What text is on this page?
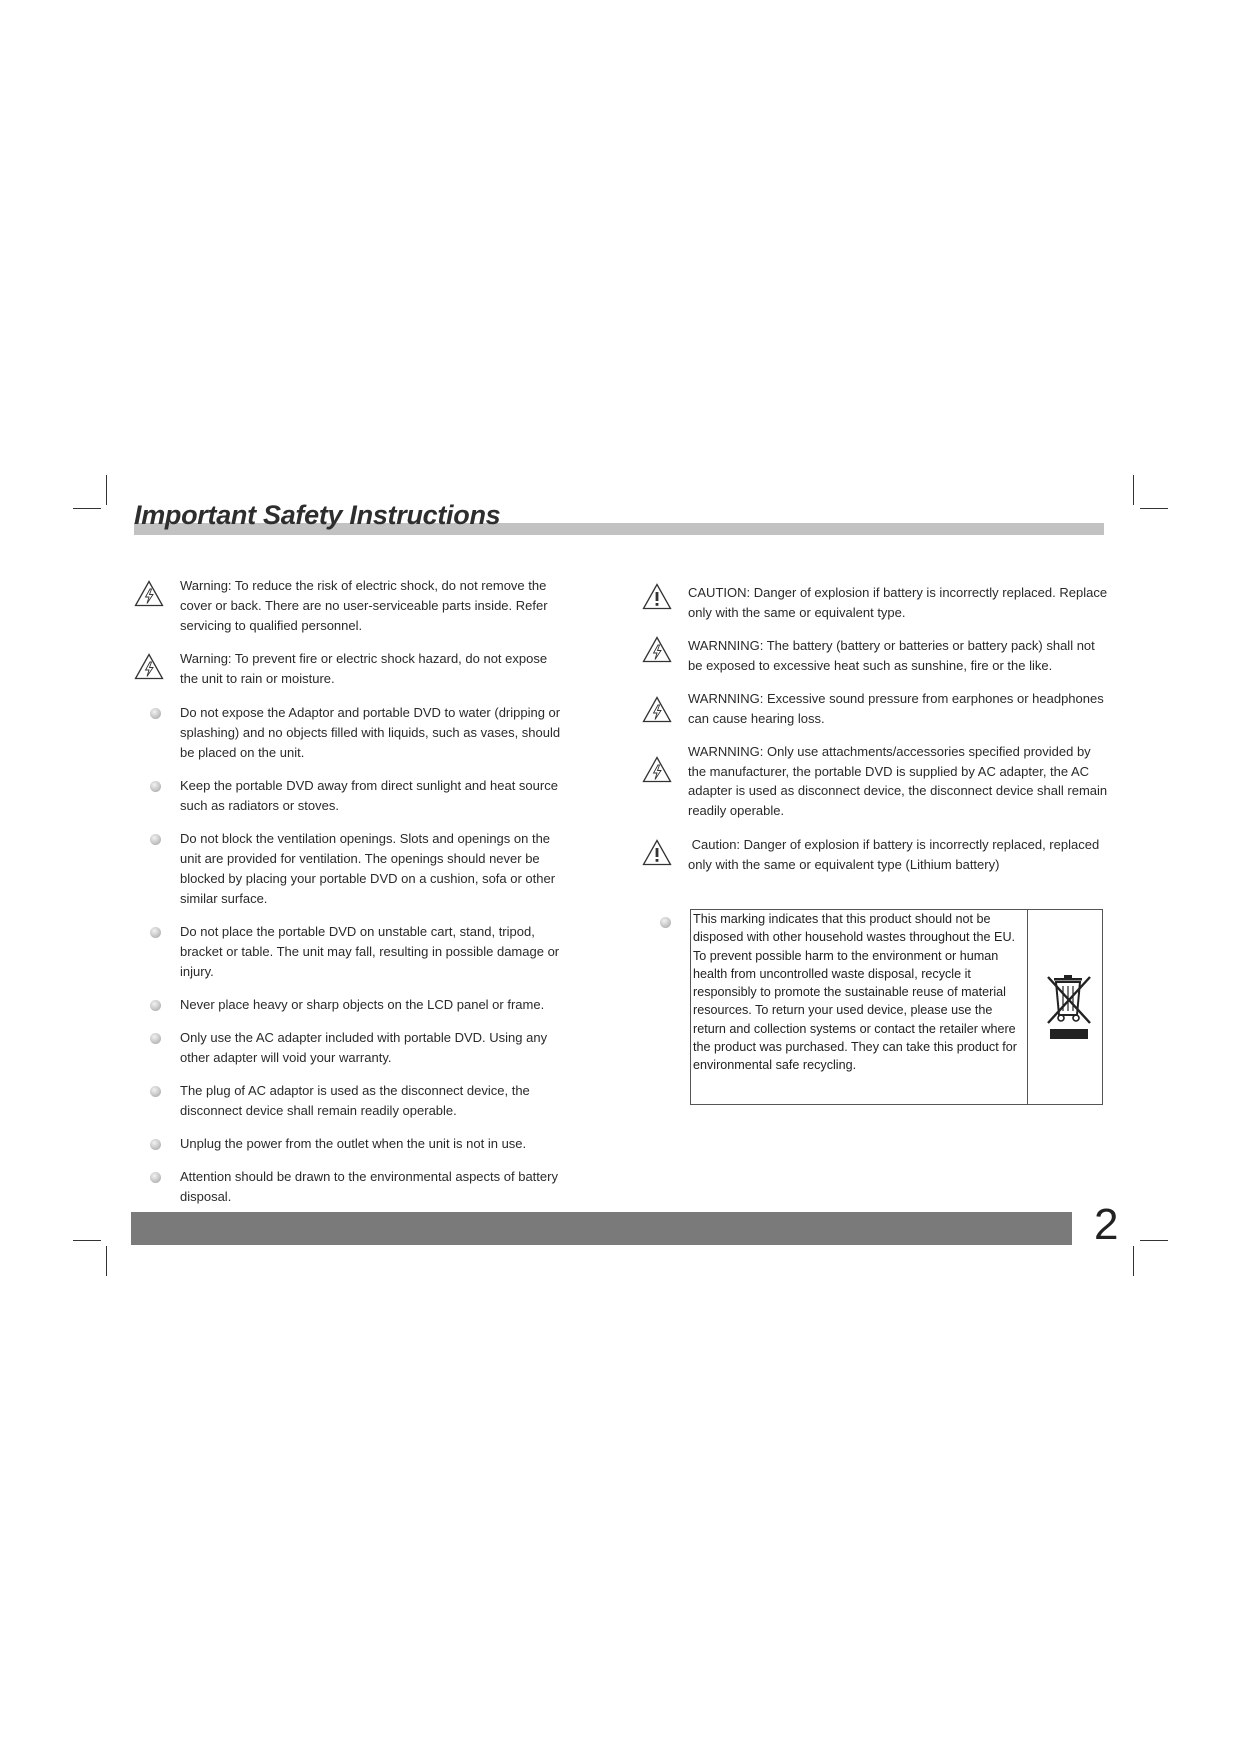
Important Safety Instructions
Warning: To reduce the risk of electric shock, do not remove the cover or back. There are no user-serviceable parts inside. Refer servicing to qualified personnel.
Warning: To prevent fire or electric shock hazard, do not expose the unit to rain or moisture.
Do not expose the Adaptor and portable DVD to water (dripping or splashing) and no objects filled with liquids, such as vases, should be placed on the unit.
Keep the portable DVD away from direct sunlight and heat source such as radiators or stoves.
Do not block the ventilation openings. Slots and openings on the unit are provided for ventilation. The openings should never be blocked by placing your portable DVD on a cushion, sofa or other similar surface.
Do not place the portable DVD on unstable cart, stand, tripod, bracket or table. The unit may fall, resulting in possible damage or injury.
Never place heavy or sharp objects on the LCD panel or frame.
Only use the AC adapter included with portable DVD. Using any other adapter will void your warranty.
The plug of AC adaptor is used as the disconnect device, the disconnect device shall remain readily operable.
Unplug the power from the outlet when the unit is not in use.
Attention should be drawn to the environmental aspects of battery disposal.
CAUTION: Danger of explosion if battery is incorrectly replaced. Replace only with the same or equivalent type.
WARNNING: The battery (battery or batteries or battery pack) shall not be exposed to excessive heat such as sunshine, fire or the like.
WARNNING: Excessive sound pressure from earphones or headphones can cause hearing loss.
WARNNING: Only use attachments/accessories specified provided by the manufacturer, the portable DVD is supplied by AC adapter, the AC adapter is used as disconnect device, the disconnect device shall remain readily operable.
Caution: Danger of explosion if battery is incorrectly replaced, replaced only with the same or equivalent type (Lithium battery)
This marking indicates that this product should not be disposed with other household wastes throughout the EU. To prevent possible harm to the environment or human health from uncontrolled waste disposal, recycle it responsibly to promote the sustainable reuse of material resources. To return your used device, please use the return and collection systems or contact the retailer where the product was purchased. They can take this product for environmental safe recycling.
2
